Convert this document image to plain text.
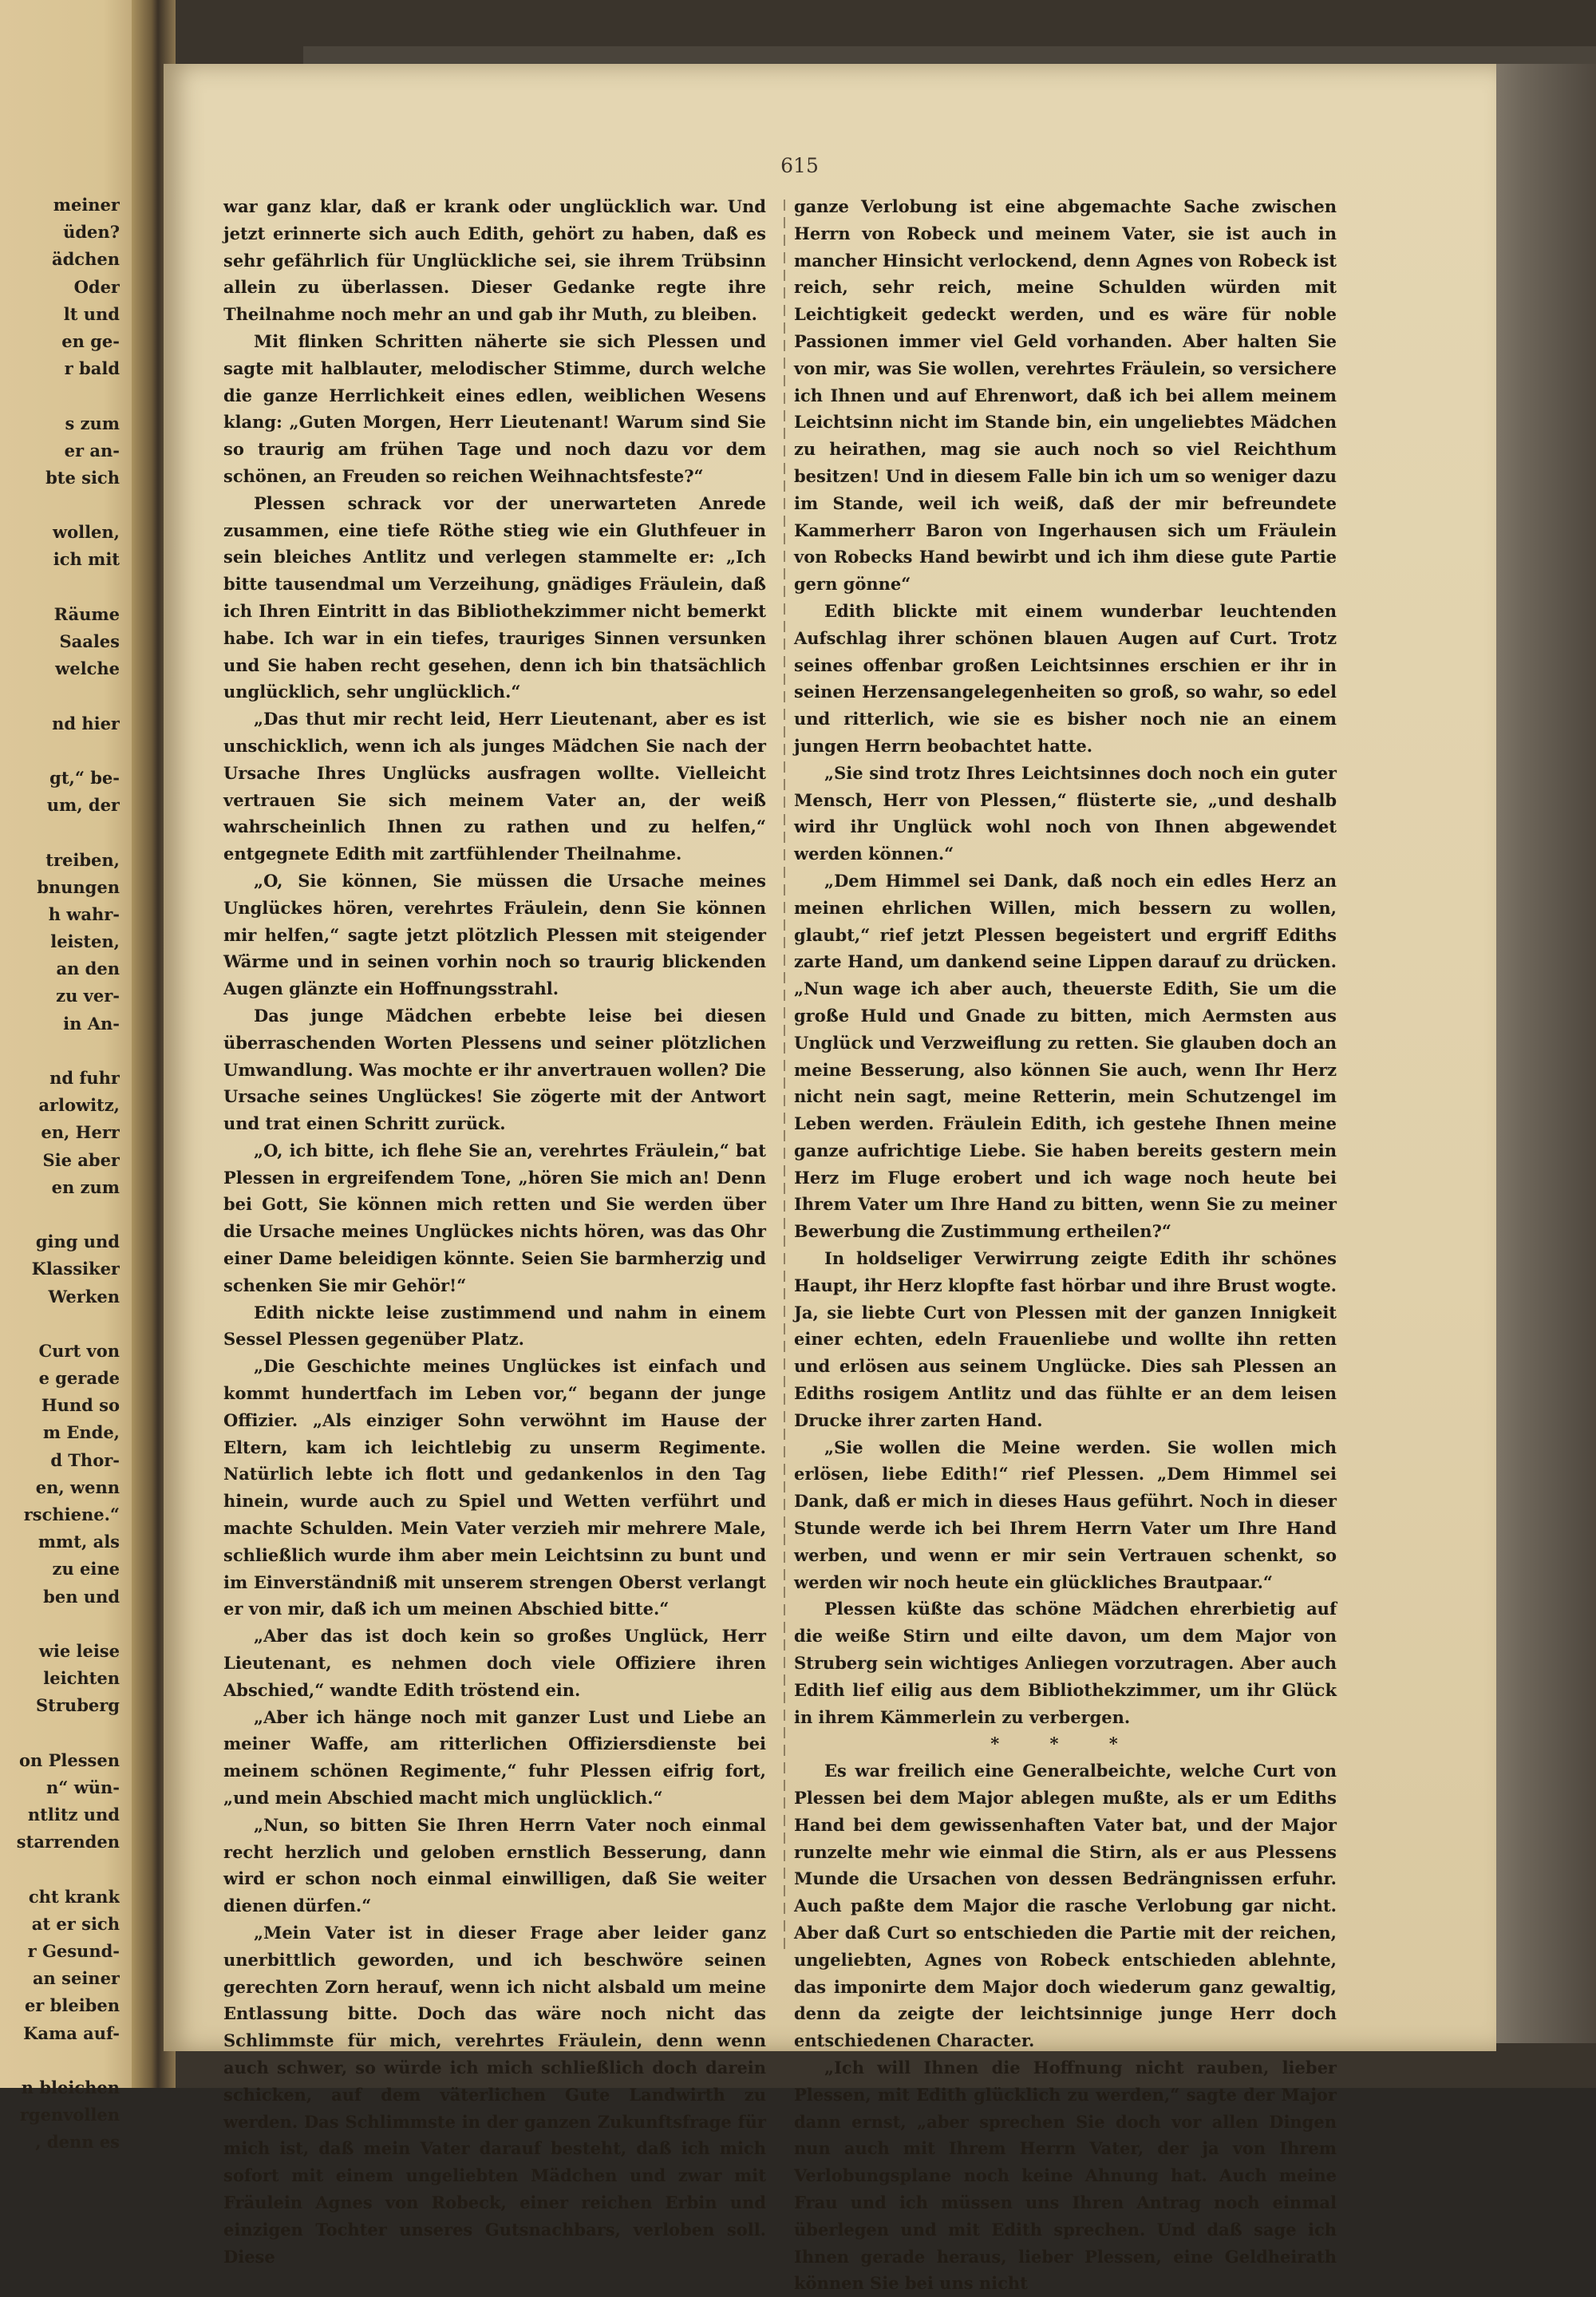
meiner
üden?
ädchen
Oder
lt und
en ge-
r bald
s zum
er an-
bte sich
wollen,
ich mit
Räume
Saales
welche
nd hier
gt,“ be-
um, der
treiben,
bnungen
h wahr-
leisten,
an den
zu ver-
in An-
nd fuhr
arlowitz,
en, Herr
Sie aber
en zum
ging und
Klassiker
Werken
Curt von
e gerade
Hund so
m Ende,
d Thor-
en, wenn
rschiene.“
mmt, als
zu eine
ben und
wie leise
leichten
Struberg
on Plessen
n“ wün-
ntlitz und
starrenden
cht krank
at er sich
r Gesund-
an seiner
er bleiben
Kama auf-
n bleichen
rgenvollen
, denn es
615

war ganz klar, daß er krank oder unglücklich war. Und jetzt erinnerte sich auch Edith, gehört zu haben, daß es sehr gefährlich für Unglückliche sei, sie ihrem Trübsinn allein zu überlassen. Dieser Gedanke regte ihre Theilnahme noch mehr an und gab ihr Muth, zu bleiben.

Mit flinken Schritten näherte sie sich Plessen und sagte mit halblauter, melodischer Stimme, durch welche die ganze Herrlichkeit eines edlen, weiblichen Wesens klang: „Guten Morgen, Herr Lieutenant! Warum sind Sie so traurig am frühen Tage und noch dazu vor dem schönen, an Freuden so reichen Weihnachtsfeste?“

Plessen schrack vor der unerwarteten Anrede zusammen, eine tiefe Röthe stieg wie ein Gluthfeuer in sein bleiches Antlitz und verlegen stammelte er: „Ich bitte tausendmal um Verzeihung, gnädiges Fräulein, daß ich Ihren Eintritt in das Bibliothekzimmer nicht bemerkt habe. Ich war in ein tiefes, trauriges Sinnen versunken und Sie haben recht gesehen, denn ich bin thatsächlich unglücklich, sehr unglücklich.“

„Das thut mir recht leid, Herr Lieutenant, aber es ist unschicklich, wenn ich als junges Mädchen Sie nach der Ursache Ihres Unglücks ausfragen wollte. Vielleicht vertrauen Sie sich meinem Vater an, der weiß wahrscheinlich Ihnen zu rathen und zu helfen,“ entgegnete Edith mit zartfühlender Theilnahme.

„O, Sie können, Sie müssen die Ursache meines Unglückes hören, verehrtes Fräulein, denn Sie können mir helfen,“ sagte jetzt plötzlich Plessen mit steigender Wärme und in seinen vorhin noch so traurig blickenden Augen glänzte ein Hoffnungsstrahl.

Das junge Mädchen erbebte leise bei diesen überraschenden Worten Plessens und seiner plötzlichen Umwandlung. Was mochte er ihr anvertrauen wollen? Die Ursache seines Unglückes! Sie zögerte mit der Antwort und trat einen Schritt zurück.

„O, ich bitte, ich flehe Sie an, verehrtes Fräulein,“ bat Plessen in ergreifendem Tone, „hören Sie mich an! Denn bei Gott, Sie können mich retten und Sie werden über die Ursache meines Unglückes nichts hören, was das Ohr einer Dame beleidigen könnte. Seien Sie barmherzig und schenken Sie mir Gehör!“

Edith nickte leise zustimmend und nahm in einem Sessel Plessen gegenüber Platz.

„Die Geschichte meines Unglückes ist einfach und kommt hundertfach im Leben vor,“ begann der junge Offizier. „Als einziger Sohn verwöhnt im Hause der Eltern, kam ich leichtlebig zu unserm Regimente. Natürlich lebte ich flott und gedankenlos in den Tag hinein, wurde auch zu Spiel und Wetten verführt und machte Schulden. Mein Vater verzieh mir mehrere Male, schließlich wurde ihm aber mein Leichtsinn zu bunt und im Einverständniß mit unserem strengen Oberst verlangt er von mir, daß ich um meinen Abschied bitte.“

„Aber das ist doch kein so großes Unglück, Herr Lieutenant, es nehmen doch viele Offiziere ihren Abschied,“ wandte Edith tröstend ein.

„Aber ich hänge noch mit ganzer Lust und Liebe an meiner Waffe, am ritterlichen Offiziersdienste bei meinem schönen Regimente,“ fuhr Plessen eifrig fort, „und mein Abschied macht mich unglücklich.“

„Nun, so bitten Sie Ihren Herrn Vater noch einmal recht herzlich und geloben ernstlich Besserung, dann wird er schon noch einmal einwilligen, daß Sie weiter dienen dürfen.“

„Mein Vater ist in dieser Frage aber leider ganz unerbittlich geworden, und ich beschwöre seinen gerechten Zorn herauf, wenn ich nicht alsbald um meine Entlassung bitte. Doch das wäre noch nicht das Schlimmste für mich, verehrtes Fräulein, denn wenn auch schwer, so würde ich mich schließlich doch darein schicken, auf dem väterlichen Gute Landwirth zu werden. Das Schlimmste in der ganzen Zukunftsfrage für mich ist, daß mein Vater darauf besteht, daß ich mich sofort mit einem ungeliebten Mädchen und zwar mit Fräulein Agnes von Robeck, einer reichen Erbin und einzigen Tochter unseres Gutsnachbars, verloben soll. Diese

ganze Verlobung ist eine abgemachte Sache zwischen Herrn von Robeck und meinem Vater, sie ist auch in mancher Hinsicht verlockend, denn Agnes von Robeck ist reich, sehr reich, meine Schulden würden mit Leichtigkeit gedeckt werden, und es wäre für noble Passionen immer viel Geld vorhanden. Aber halten Sie von mir, was Sie wollen, verehrtes Fräulein, so versichere ich Ihnen und auf Ehrenwort, daß ich bei allem meinem Leichtsinn nicht im Stande bin, ein ungeliebtes Mädchen zu heirathen, mag sie auch noch so viel Reichthum besitzen! Und in diesem Falle bin ich um so weniger dazu im Stande, weil ich weiß, daß der mir befreundete Kammerherr Baron von Ingerhausen sich um Fräulein von Robecks Hand bewirbt und ich ihm diese gute Partie gern gönne“

Edith blickte mit einem wunderbar leuchtenden Aufschlag ihrer schönen blauen Augen auf Curt. Trotz seines offenbar großen Leichtsinnes erschien er ihr in seinen Herzensangelegenheiten so groß, so wahr, so edel und ritterlich, wie sie es bisher noch nie an einem jungen Herrn beobachtet hatte.

„Sie sind trotz Ihres Leichtsinnes doch noch ein guter Mensch, Herr von Plessen,“ flüsterte sie, „und deshalb wird ihr Unglück wohl noch von Ihnen abgewendet werden können.“

„Dem Himmel sei Dank, daß noch ein edles Herz an meinen ehrlichen Willen, mich bessern zu wollen, glaubt,“ rief jetzt Plessen begeistert und ergriff Ediths zarte Hand, um dankend seine Lippen darauf zu drücken. „Nun wage ich aber auch, theuerste Edith, Sie um die große Huld und Gnade zu bitten, mich Aermsten aus Unglück und Verzweiflung zu retten. Sie glauben doch an meine Besserung, also können Sie auch, wenn Ihr Herz nicht nein sagt, meine Retterin, mein Schutzengel im Leben werden. Fräulein Edith, ich gestehe Ihnen meine ganze aufrichtige Liebe. Sie haben bereits gestern mein Herz im Fluge erobert und ich wage noch heute bei Ihrem Vater um Ihre Hand zu bitten, wenn Sie zu meiner Bewerbung die Zustimmung ertheilen?“

In holdseliger Verwirrung zeigte Edith ihr schönes Haupt, ihr Herz klopfte fast hörbar und ihre Brust wogte. Ja, sie liebte Curt von Plessen mit der ganzen Innigkeit einer echten, edeln Frauenliebe und wollte ihn retten und erlösen aus seinem Unglücke. Dies sah Plessen an Ediths rosigem Antlitz und das fühlte er an dem leisen Drucke ihrer zarten Hand.

„Sie wollen die Meine werden. Sie wollen mich erlösen, liebe Edith!“ rief Plessen. „Dem Himmel sei Dank, daß er mich in dieses Haus geführt. Noch in dieser Stunde werde ich bei Ihrem Herrn Vater um Ihre Hand werben, und wenn er mir sein Vertrauen schenkt, so werden wir noch heute ein glückliches Brautpaar.“

Plessen küßte das schöne Mädchen ehrerbietig auf die weiße Stirn und eilte davon, um dem Major von Struberg sein wichtiges Anliegen vorzutragen. Aber auch Edith lief eilig aus dem Bibliothekzimmer, um ihr Glück in ihrem Kämmerlein zu verbergen.

* * *

Es war freilich eine Generalbeichte, welche Curt von Plessen bei dem Major ablegen mußte, als er um Ediths Hand bei dem gewissenhaften Vater bat, und der Major runzelte mehr wie einmal die Stirn, als er aus Plessens Munde die Ursachen von dessen Bedrängnissen erfuhr. Auch paßte dem Major die rasche Verlobung gar nicht. Aber daß Curt so entschieden die Partie mit der reichen, ungeliebten, Agnes von Robeck entschieden ablehnte, das imponirte dem Major doch wiederum ganz gewaltig, denn da zeigte der leichtsinnige junge Herr doch entschiedenen Character.

„Ich will Ihnen die Hoffnung nicht rauben, lieber Plessen, mit Edith glücklich zu werden,“ sagte der Major dann ernst, „aber sprechen Sie doch vor allen Dingen nun auch mit Ihrem Herrn Vater, der ja von Ihrem Verlobungsplane noch keine Ahnung hat. Auch meine Frau und ich müssen uns Ihren Antrag noch einmal überlegen und mit Edith sprechen. Und daß sage ich Ihnen gerade heraus, lieber Plessen, eine Geldheirath können Sie bei uns nicht
